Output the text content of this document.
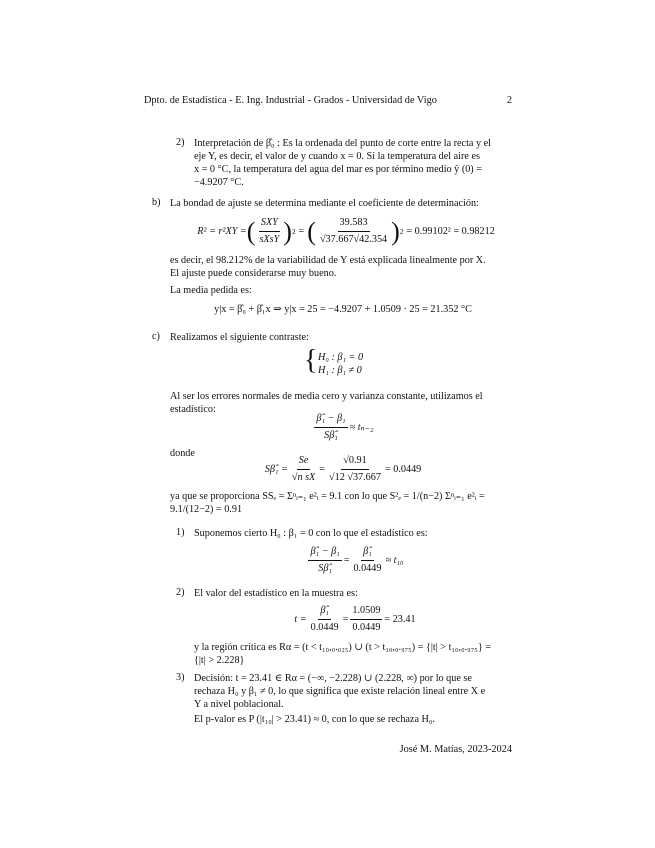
Dpto. de Estadística - E. Ing. Industrial - Grados - Universidad de Vigo	2
2) Interpretación de β̂₀ : Es la ordenada del punto de corte entre la recta y el
eje Y, es decir, el valor de y cuando x = 0. Si la temperatura del aire es
x = 0 °C, la temperatura del agua del mar es por término medio ŷ (0) =
−4.9207 °C.
b) La bondad de ajuste se determina mediante el coeficiente de determinación:
R² = r²XY = ( $\frac{\text{SXY}}{\text{sXsY}}$ ) 2 = ( $\frac{39.583}{√37.667√42.354}$ ) 2 = 0.99102² = 0.98212
es decir, el 98.212% de la variabilidad de Y está explicada linealmente por X.
El ajuste puede considerarse muy bueno.
La media pedida es:
y|x = β̂₀ + β̂₁x ⇒ y|x = 25 = −4.9207 + 1.0509 · 25 = 21.352 °C
c) Realizamos el siguiente contraste:
{ H₀ : β₁ = 0
H₁ : β₁ ≠ 0
Al ser los errores normales de media cero y varianza constante, utilizamos el
estadístico:
$\frac{\text{β̂₁ − β₁}}{\text{Sβ̂₁}} \approx t_{n-2}$
donde
Sβ̂₁ = $\frac{Se}{\text{√n sX}} = \frac{√0.91}{√12 √37.667} = 0.0449$
ya que se proporciona SSₑ = Σⁿᵢ₌₁ e²ᵢ = 9.1 con lo que S²ₑ = 1/(n−2) Σⁿᵢ₌₁ e²ᵢ =
9.1/(12−2) = 0.91
1) Suponemos cierto H₀ : β₁ = 0 con lo que el estadístico es:
$\frac{\text{β̂₁ − β₁}}{\text{Sβ̂₁}} = \frac{\text{β̂₁}}{0.0449} \approx t_{10}$
2) El valor del estadístico en la muestra es:
$t = \frac{\text{β̂₁}}{0.0449} = \frac{1.0509}{0.0449} = 23.41$
y la región crítica es Rα = (t < t₁₀,₀.₀₂₅) ∪ (t > t₁₀,₀.₉₇₅) = {|t| > t₁₀,₀.₉₇₅} =
{|t| > 2.228}
3) Decisión: t = 23.41 ∈ Rα = (−∞, −2.228) ∪ (2.228, ∞) por lo que se
rechaza H₀ y β₁ ≠ 0, lo que significa que existe relación lineal entre X e
Y a nivel poblacional.
El p-valor es P (|t₁₀| > 23.41) ≈ 0, con lo que se rechaza H₀.
José M. Matías, 2023-2024
